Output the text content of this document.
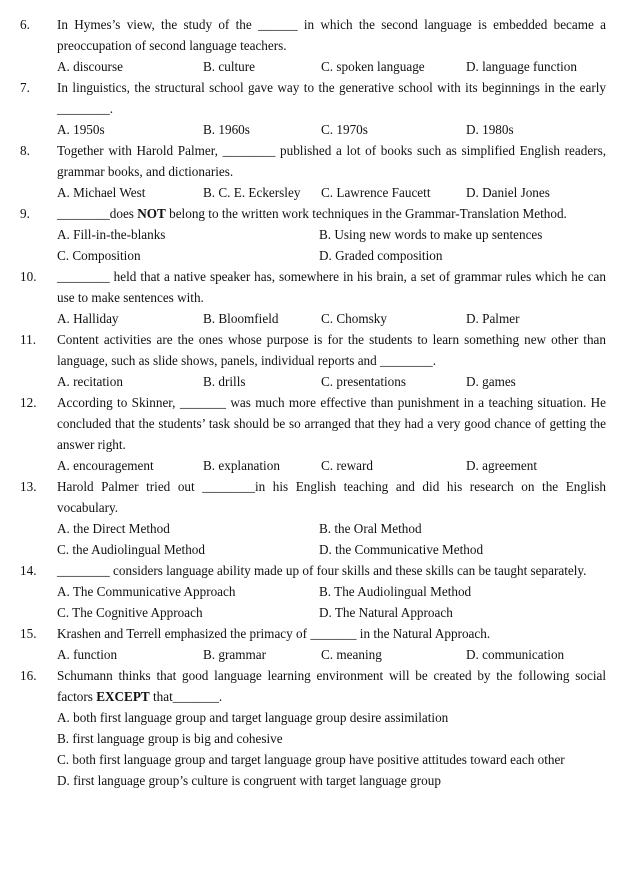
6.	In Hymes’s view, the study of the ______ in which the second language is embedded became a preoccupation of second language teachers.
A. discourse	B. culture	C. spoken language	D. language function
7.	In linguistics, the structural school gave way to the generative school with its beginnings in the early ________.
A. 1950s	B. 1960s	C. 1970s	D. 1980s
8.	Together with Harold Palmer, ________ published a lot of books such as simplified English readers, grammar books, and dictionaries.
A. Michael West	B. C. E. Eckersley	C. Lawrence Faucett	D. Daniel Jones
9.	________does NOT belong to the written work techniques in the Grammar-Translation Method.
A. Fill-in-the-blanks	B. Using new words to make up sentences
C. Composition	D. Graded composition
10.	________ held that a native speaker has, somewhere in his brain, a set of grammar rules which he can use to make sentences with.
A. Halliday	B. Bloomfield	C. Chomsky	D. Palmer
11.	Content activities are the ones whose purpose is for the students to learn something new other than language, such as slide shows, panels, individual reports and ________.
A. recitation	B. drills	C. presentations	D. games
12.	According to Skinner, _______ was much more effective than punishment in a teaching situation. He concluded that the students’ task should be so arranged that they had a very good chance of getting the answer right.
A. encouragement	B. explanation	C. reward	D. agreement
13.	Harold Palmer tried out ________in his English teaching and did his research on the English vocabulary.
A. the Direct Method	B. the Oral Method
C. the Audiolingual Method	D. the Communicative Method
14.	________ considers language ability made up of four skills and these skills can be taught separately.
A. The Communicative Approach	B. The Audiolingual Method
C. The Cognitive Approach	D. The Natural Approach
15.	Krashen and Terrell emphasized the primacy of _______ in the Natural Approach.
A. function	B. grammar	C. meaning	D. communication
16.	Schumann thinks that good language learning environment will be created by the following social factors EXCEPT that_______.
A. both first language group and target language group desire assimilation
B. first language group is big and cohesive
C. both first language group and target language group have positive attitudes toward each other
D. first language group’s culture is congruent with target language group
